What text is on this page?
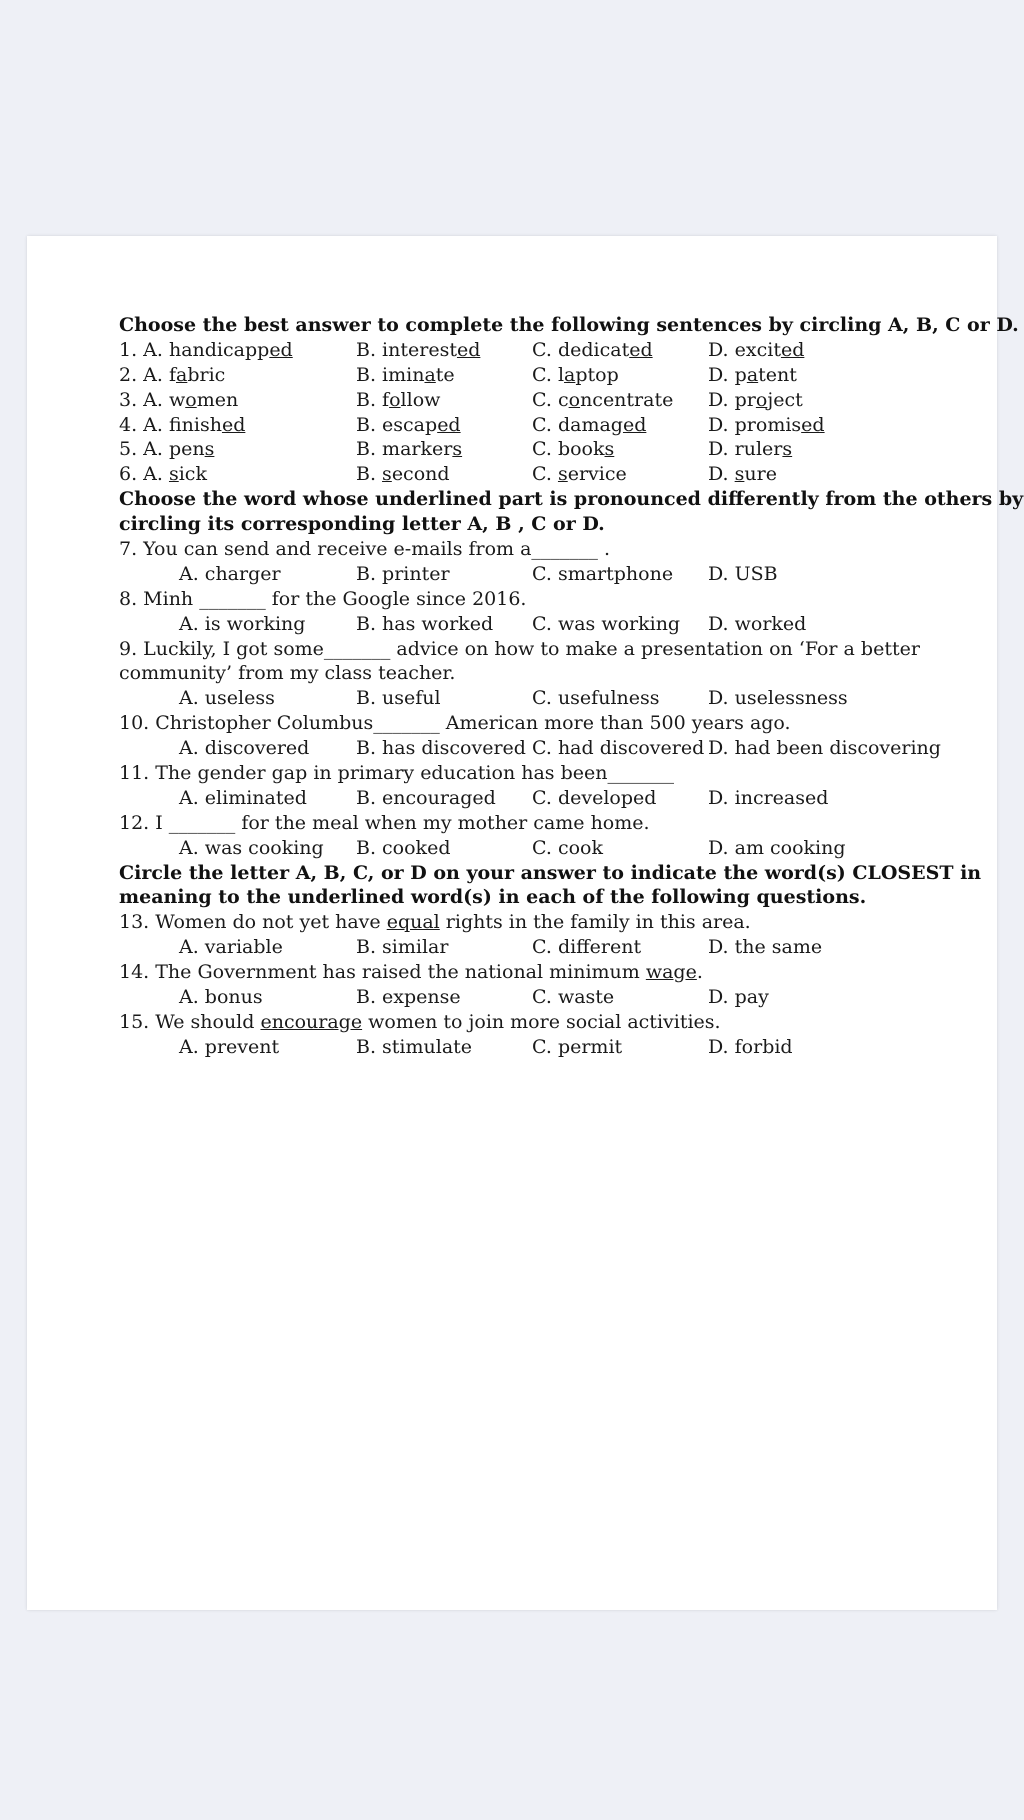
Choose the best answer to complete the following sentences by circling A, B, C or D.
1. A. handicapped	B. interested	C. dedicated	D. excited
2. A. fabric	B. iminate	C. laptop	D. patent
3. A. women	B. follow	C. concentrate D. project
4. A. finished	B. escaped	C. damaged	D. promised
5. A. pens	B. markers	C. books	D. rulers
6. A. sick	B. second	C. service	D. sure
Choose the word whose underlined part is pronounced differently from the others by
circling its corresponding letter A, B , C or D.
7. You can send and receive e-mails from a_______ .
A. charger	B. printer	C. smartphone D. USB
8. Minh _______ for the Google since 2016.
A. is working	B. has worked C. was working D. worked
9. Luckily, I got some_______ advice on how to make a presentation on ‘For a better
community’ from my class teacher.
A. useless	B. useful	C. usefulness	D. uselessness
10. Christopher Columbus_______ American more than 500 years ago.
A. discovered B. has discovered C. had discovered D. had been discovering
11. The gender gap in primary education has been_______
A. eliminated	B. encouraged C. developed	D. increased
12. I _______ for the meal when my mother came home.
A. was cooking B. cooked	C. cook	D. am cooking
Circle the letter A, B, C, or D on your answer to indicate the word(s) CLOSEST in
meaning to the underlined word(s) in each of the following questions.
13. Women do not yet have equal rights in the family in this area.
A. variable	B. similar	C. different	D. the same
14. The Government has raised the national minimum wage.
A. bonus	B. expense	C. waste	D. pay
15. We should encourage women to join more social activities.
A. prevent	B. stimulate	C. permit	D. forbid
